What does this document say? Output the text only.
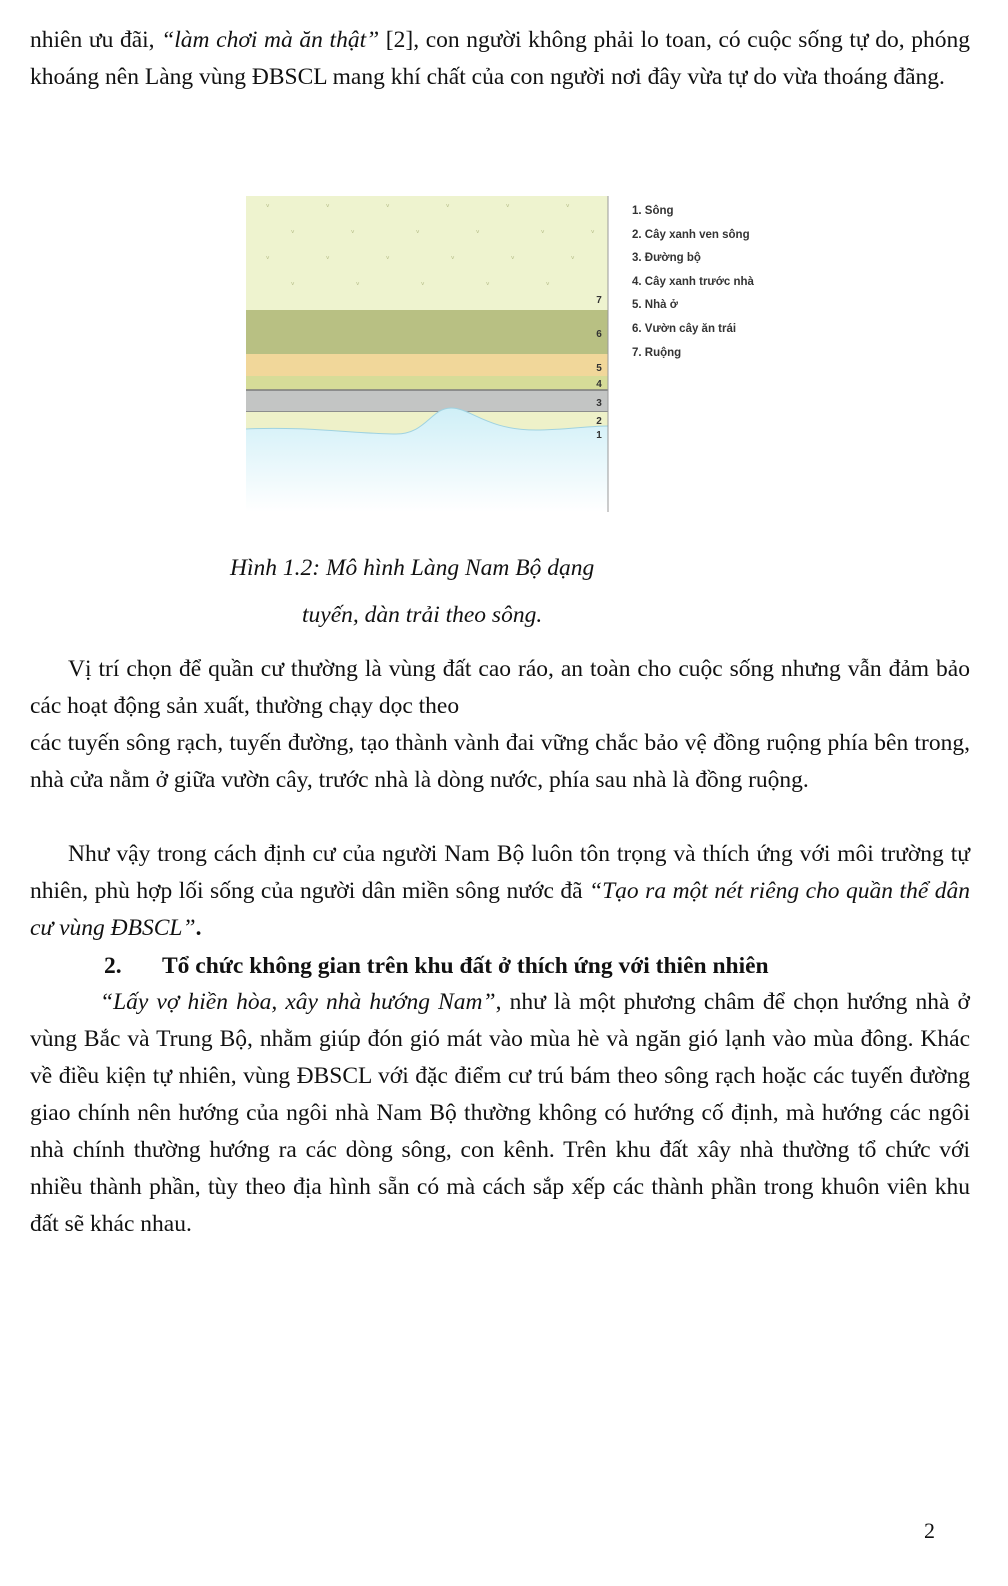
nhiên ưu đãi, “làm chơi mà ăn thật” [2], con người không phải lo toan, có cuộc sống tự do, phóng khoáng nên Làng vùng ĐBSCL mang khí chất của con người nơi đây vừa tự do vừa thoáng đãng.

ᵛ	ᵛ	ᵛ	ᵛ	ᵛ	ᵛ
ᵛ	ᵛ	ᵛ	ᵛ	ᵛ	ᵛ
ᵛ	ᵛ	ᵛ	ᵛ	ᵛ	ᵛ
ᵛ	ᵛ	ᵛ	ᵛ	ᵛ
7
6
5
4
3
2
1
1. Sông
2. Cây xanh ven sông
3. Đường bộ
4. Cây xanh trước nhà
5. Nhà ở
6. Vườn cây ăn trái
7. Ruộng
Hình 1.2: Mô hình Làng Nam Bộ dạng
tuyến, dàn trải theo sông.

Vị trí chọn để quần cư thường là vùng đất cao ráo, an toàn cho cuộc sống nhưng vẫn đảm bảo các hoạt động sản xuất, thường chạy dọc theo

các tuyến sông rạch, tuyến đường, tạo thành vành đai vững chắc bảo vệ đồng ruộng phía bên trong, nhà cửa nằm ở giữa vườn cây, trước nhà là dòng nước, phía sau nhà là đồng ruộng.

Như vậy trong cách định cư của người Nam Bộ luôn tôn trọng và thích ứng với môi trường tự nhiên, phù hợp lối sống của người dân miền sông nước đã “Tạo ra một nét riêng cho quần thể dân cư vùng ĐBSCL”.

2. Tổ chức không gian trên khu đất ở thích ứng với thiên nhiên

“Lấy vợ hiền hòa, xây nhà hướng Nam”, như là một phương châm để chọn hướng nhà ở vùng Bắc và Trung Bộ, nhằm giúp đón gió mát vào mùa hè và ngăn gió lạnh vào mùa đông. Khác về điều kiện tự nhiên, vùng ĐBSCL với đặc điểm cư trú bám theo sông rạch hoặc các tuyến đường giao chính nên hướng của ngôi nhà Nam Bộ thường không có hướng cố định, mà hướng các ngôi nhà chính thường hướng ra các dòng sông, con kênh. Trên khu đất xây nhà thường tổ chức với nhiều thành phần, tùy theo địa hình sẵn có mà cách sắp xếp các thành phần trong khuôn viên khu đất sẽ khác nhau.

2
